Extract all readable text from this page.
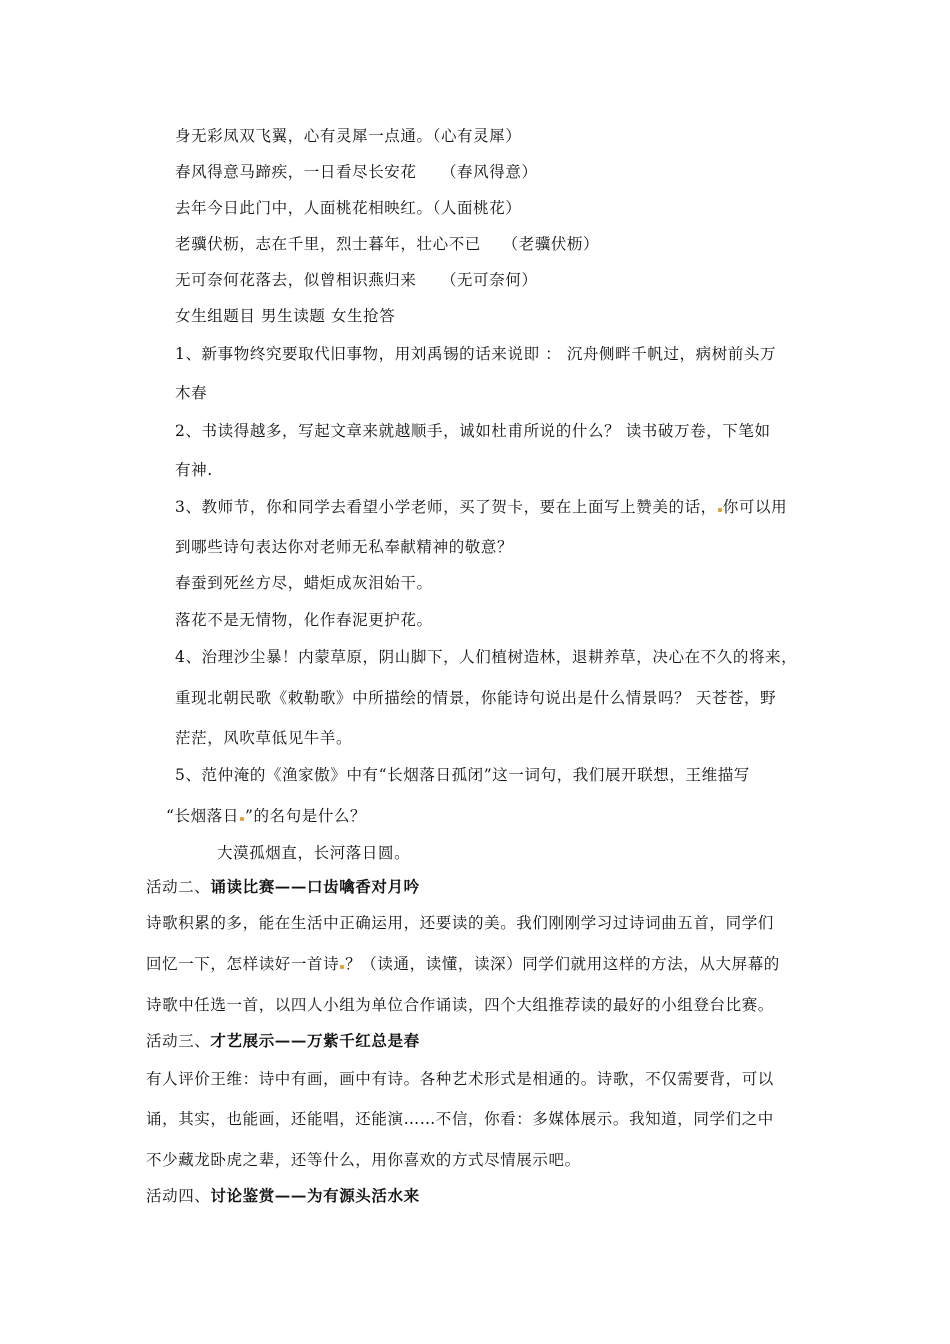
身无彩凤双飞翼，心有灵犀一点通。（心有灵犀）
春风得意马蹄疾，一日看尽长安花　　（春风得意）
去年今日此门中，人面桃花相映红。（人面桃花）
老骥伏枥，志在千里，烈士暮年，壮心不已　 （老骥伏枥）
无可奈何花落去，似曾相识燕归来　　（无可奈何）
女生组题目 男生读题 女生抢答
1、新事物终究要取代旧事物，用刘禹锡的话来说即 ： 沉舟侧畔千帆过，病树前头万
木春
2、书读得越多，写起文章来就越顺手，诚如杜甫所说的什么？ 读书破万卷，下笔如
有神.
3、教师节，你和同学去看望小学老师，买了贺卡，要在上面写上赞美的话， 你可以用
到哪些诗句表达你对老师无私奉献精神的敬意？
春蚕到死丝方尽，蜡炬成灰泪始干。
落花不是无情物，化作春泥更护花。
4、治理沙尘暴！内蒙草原，阴山脚下，人们植树造林，退耕养草，决心在不久的将来，
重现北朝民歌《敕勒歌》中所描绘的情景，你能诗句说出是什么情景吗？ 天苍苍，野
茫茫，风吹草低见牛羊。
5、范仲淹的《渔家傲》中有“长烟落日孤闭”这一词句，我们展开联想，王维描写
“长烟落日 ”的名句是什么？
大漠孤烟直，长河落日圆。
活动二、诵读比赛——口齿噙香对月吟
诗歌积累的多，能在生活中正确运用，还要读的美。我们刚刚学习过诗词曲五首，同学们
回忆一下，怎样读好一首诗 ？（读通，读懂，读深）同学们就用这样的方法，从大屏幕的
诗歌中任选一首，以四人小组为单位合作诵读，四个大组推荐读的最好的小组登台比赛。
活动三、才艺展示——万紫千红总是春
有人评价王维：诗中有画，画中有诗。各种艺术形式是相通的。诗歌，不仅需要背，可以
诵，其实，也能画，还能唱，还能演……不信，你看：多媒体展示。我知道，同学们之中
不少藏龙卧虎之辈，还等什么，用你喜欢的方式尽情展示吧。
活动四、讨论鉴赏——为有源头活水来
